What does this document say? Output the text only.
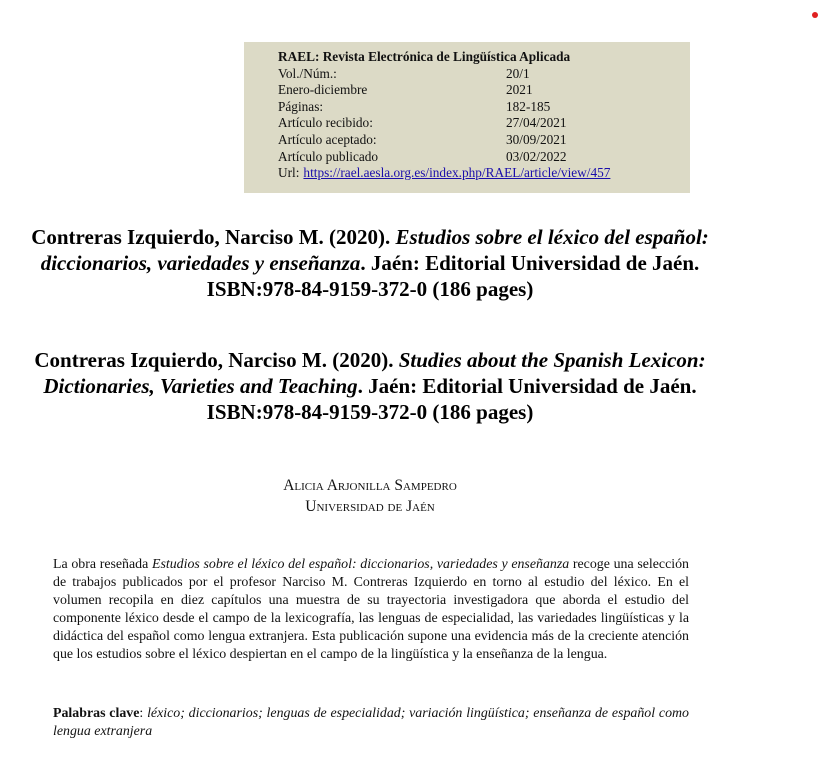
RAEL: Revista Electrónica de Lingüística Aplicada
Vol./Núm.:	20/1
Enero-diciembre	2021
Páginas:	182-185
Artículo recibido:	27/04/2021
Artículo aceptado:	30/09/2021
Artículo publicado	03/02/2022
Url: https://rael.aesla.org.es/index.php/RAEL/article/view/457
Contreras Izquierdo, Narciso M. (2020). Estudios sobre el léxico del español: diccionarios, variedades y enseñanza. Jaén: Editorial Universidad de Jaén.
ISBN:978-84-9159-372-0 (186 pages)
Contreras Izquierdo, Narciso M. (2020). Studies about the Spanish Lexicon: Dictionaries, Varieties and Teaching. Jaén: Editorial Universidad de Jaén.
ISBN:978-84-9159-372-0 (186 pages)
Alicia Arjonilla Sampedro
Universidad de Jaén
La obra reseñada Estudios sobre el léxico del español: diccionarios, variedades y enseñanza recoge una selección de trabajos publicados por el profesor Narciso M. Contreras Izquierdo en torno al estudio del léxico. En el volumen recopila en diez capítulos una muestra de su trayectoria investigadora que aborda el estudio del componente léxico desde el campo de la lexicografía, las lenguas de especialidad, las variedades lingüísticas y la didáctica del español como lengua extranjera. Esta publicación supone una evidencia más de la creciente atención que los estudios sobre el léxico despiertan en el campo de la lingüística y la enseñanza de la lengua.
Palabras clave: léxico; diccionarios; lenguas de especialidad; variación lingüística; enseñanza de español como lengua extranjera
